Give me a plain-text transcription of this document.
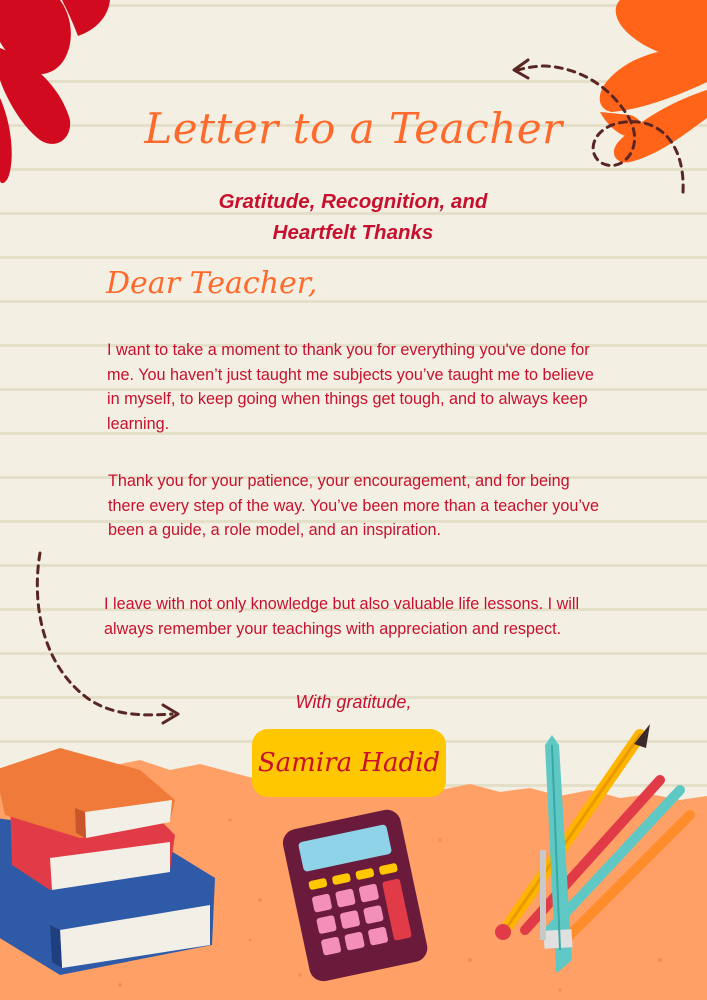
Letter to a Teacher
Gratitude, Recognition, and
Heartfelt Thanks
Dear Teacher,

I want to take a moment to thank you for everything you've done for me. You haven’t just taught me subjects you’ve taught me to believe in myself, to keep going when things get tough, and to always keep learning.

Thank you for your patience, your encouragement, and for being there every step of the way. You’ve been more than a teacher you’ve been a guide, a role model, and an inspiration.

I leave with not only knowledge but also valuable life lessons. I will always remember your teachings with appreciation and respect.

With gratitude,
Samira Hadid
